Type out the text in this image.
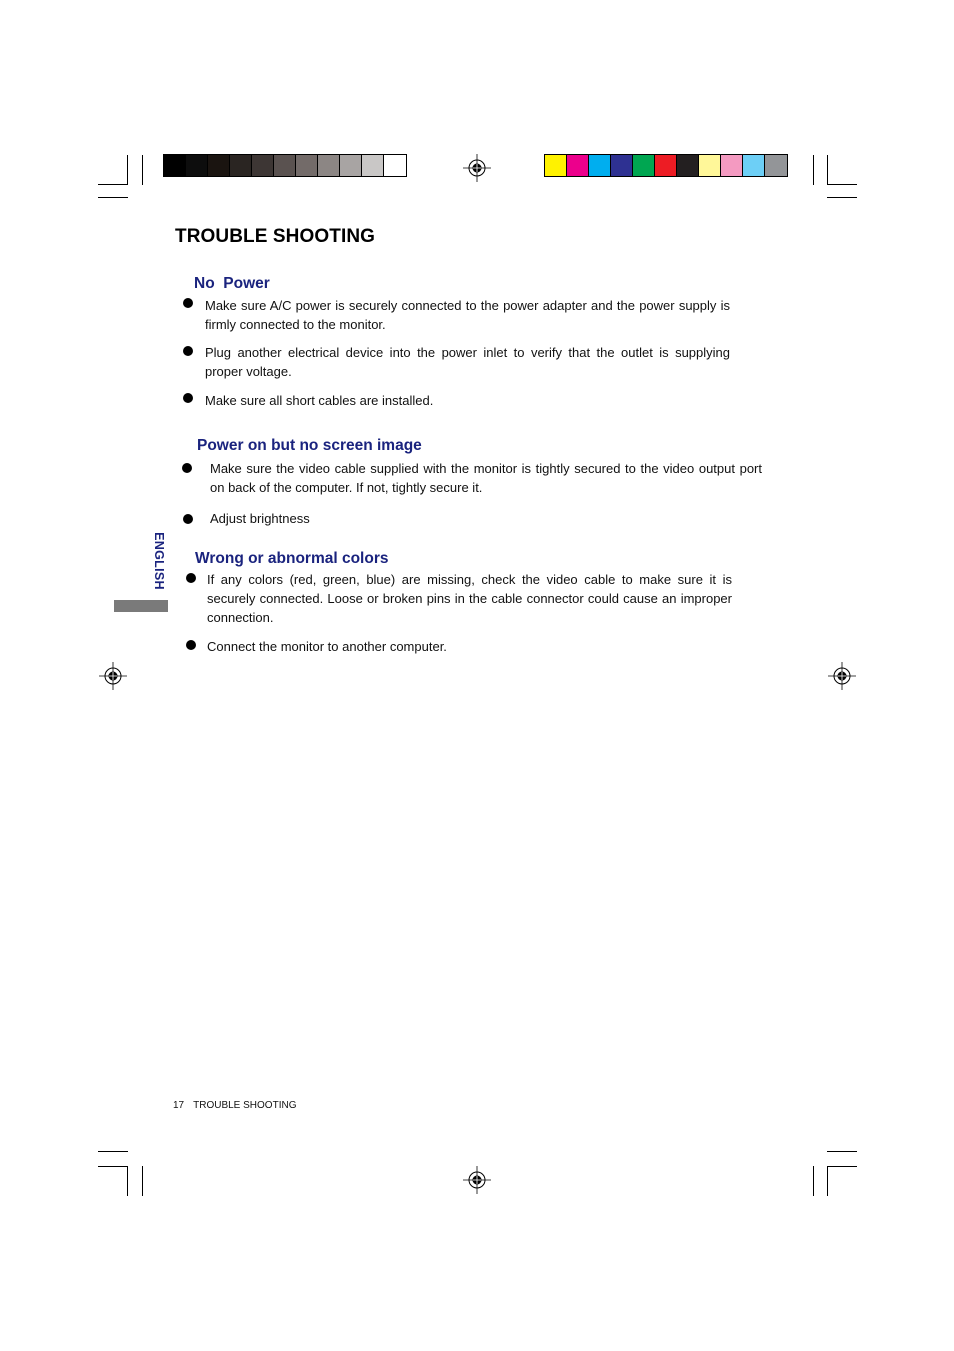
TROUBLE SHOOTING
No  Power
Make sure A/C power is securely connected to the power adapter and the power supply is firmly connected to the monitor.
Plug another electrical device into the power inlet to verify that the outlet is supplying proper voltage.
Make sure all short cables are installed.
Power on but no screen image
Make sure the video cable supplied with the monitor is tightly secured to the video output port on back of the computer. If not, tightly secure it.
Adjust brightness
ENGLISH Wrong or abnormal colors
If any colors (red, green, blue) are missing, check the video cable to make sure it is securely connected. Loose or broken pins in the cable connector could cause an improper connection.
Connect the monitor to another computer.
17 TROUBLE SHOOTING
